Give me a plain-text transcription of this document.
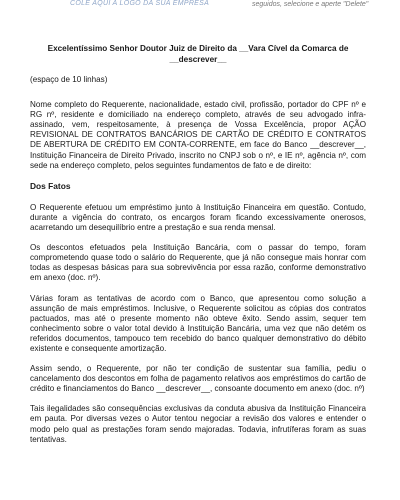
COLE AQUI A LOGO DA SUA EMPRESA	seguidos, selecione e aperte "Delete"
Excelentíssimo Senhor Doutor Juiz de Direito da __Vara Cível da Comarca de
__descrever__

(espaço de 10 linhas)

Nome completo do Requerente, nacionalidade, estado civil, profissão, portador do CPF nº e RG nº, residente e domiciliado na endereço completo, através de seu advogado infra-assinado, vem, respeitosamente, à presença de Vossa Excelência, propor AÇÃO REVISIONAL DE CONTRATOS BANCÁRIOS DE CARTÃO DE CRÉDITO E CONTRATOS DE ABERTURA DE CRÉDITO EM CONTA-CORRENTE, em face do Banco __descrever__, Instituição Financeira de Direito Privado, inscrito no CNPJ sob o nº, e IE nº, agência nº, com sede na endereço completo, pelos seguintes fundamentos de fato e de direito:

Dos Fatos

O Requerente efetuou um empréstimo junto à Instituição Financeira em questão. Contudo, durante a vigência do contrato, os encargos foram ficando excessivamente onerosos, acarretando um desequilíbrio entre a prestação e sua renda mensal.

Os descontos efetuados pela Instituição Bancária, com o passar do tempo, foram comprometendo quase todo o salário do Requerente, que já não consegue mais honrar com todas as despesas básicas para sua sobrevivência por essa razão, conforme demonstrativo em anexo (doc. nº).

Várias foram as tentativas de acordo com o Banco, que apresentou como solução a assunção de mais empréstimos. Inclusive, o Requerente solicitou as cópias dos contratos pactuados, mas até o presente momento não obteve êxito. Sendo assim, sequer tem conhecimento sobre o valor total devido à Instituição Bancária, uma vez que não detém os referidos documentos, tampouco tem recebido do banco qualquer demonstrativo do débito existente e consequente amortização.

Assim sendo, o Requerente, por não ter condição de sustentar sua família, pediu o cancelamento dos descontos em folha de pagamento relativos aos empréstimos do cartão de crédito e financiamentos do Banco __descrever__, consoante documento em anexo (doc. nº)

Tais ilegalidades são consequências exclusivas da conduta abusiva da Instituição Financeira em pauta. Por diversas vezes o Autor tentou negociar a revisão dos valores e entender o modo pelo qual as prestações foram sendo majoradas. Todavia, infrutíferas foram as suas tentativas.
